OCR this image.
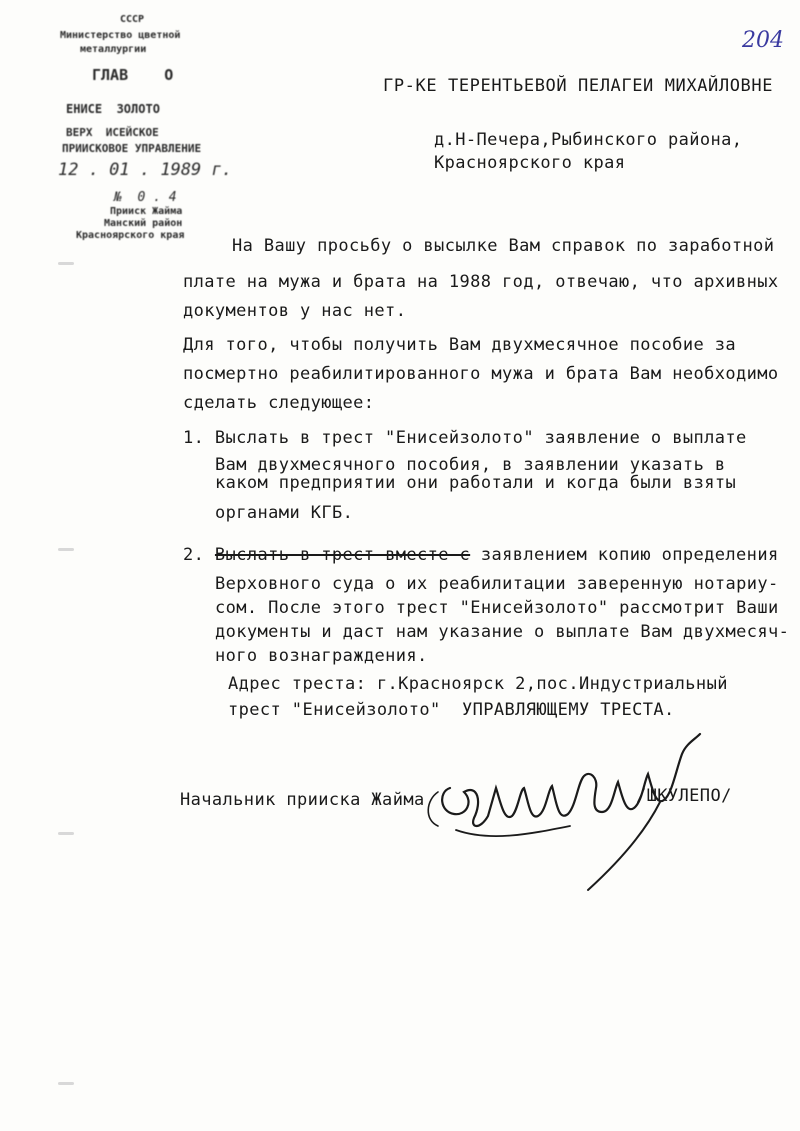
204
СССР
Министерство цветной
металлургии
ГЛАВ    О
ЕНИСЕ  ЗОЛОТО
ВЕРХ  ИСЕЙСКОЕ
ПРИИСКОВОЕ УПРАВЛЕНИЕ
12 . 01 . 1989 г.
№  0 . 4
Прииск Жайма
Манский район
Красноярского края
ГР-КЕ ТЕРЕНТЬЕВОЙ ПЕЛАГЕИ МИХАЙЛОВНЕ
д.Н-Печера,Рыбинского района,
Красноярского края
На Вашу просьбу о высылке Вам справок по заработной
плате на мужа и брата на 1988 год, отвечаю, что архивных
документов у нас нет.
Для того, чтобы получить Вам двухмесячное пособие за
посмертно реабилитированного мужа и брата Вам необходимо
сделать следующее:
1. Выслать в трест "Енисейзолото" заявление о выплате
Вам двухмесячного пособия, в заявлении указать в
каком предприятии они работали и когда были взяты
органами КГБ.
2. Выслать в трест вместе с заявлением копию определения
Верховного суда о их реабилитации заверенную нотариу-
сом. После этого трест "Енисейзолото" рассмотрит Ваши
документы и даст нам указание о выплате Вам двухмесяч-
ного вознаграждения.
Адрес треста: г.Красноярск 2,пос.Индустриальный
трест "Енисейзолото"  УПРАВЛЯЮЩЕМУ ТРЕСТА.
Начальник прииска Жайма	/ШКУЛЕПО/
